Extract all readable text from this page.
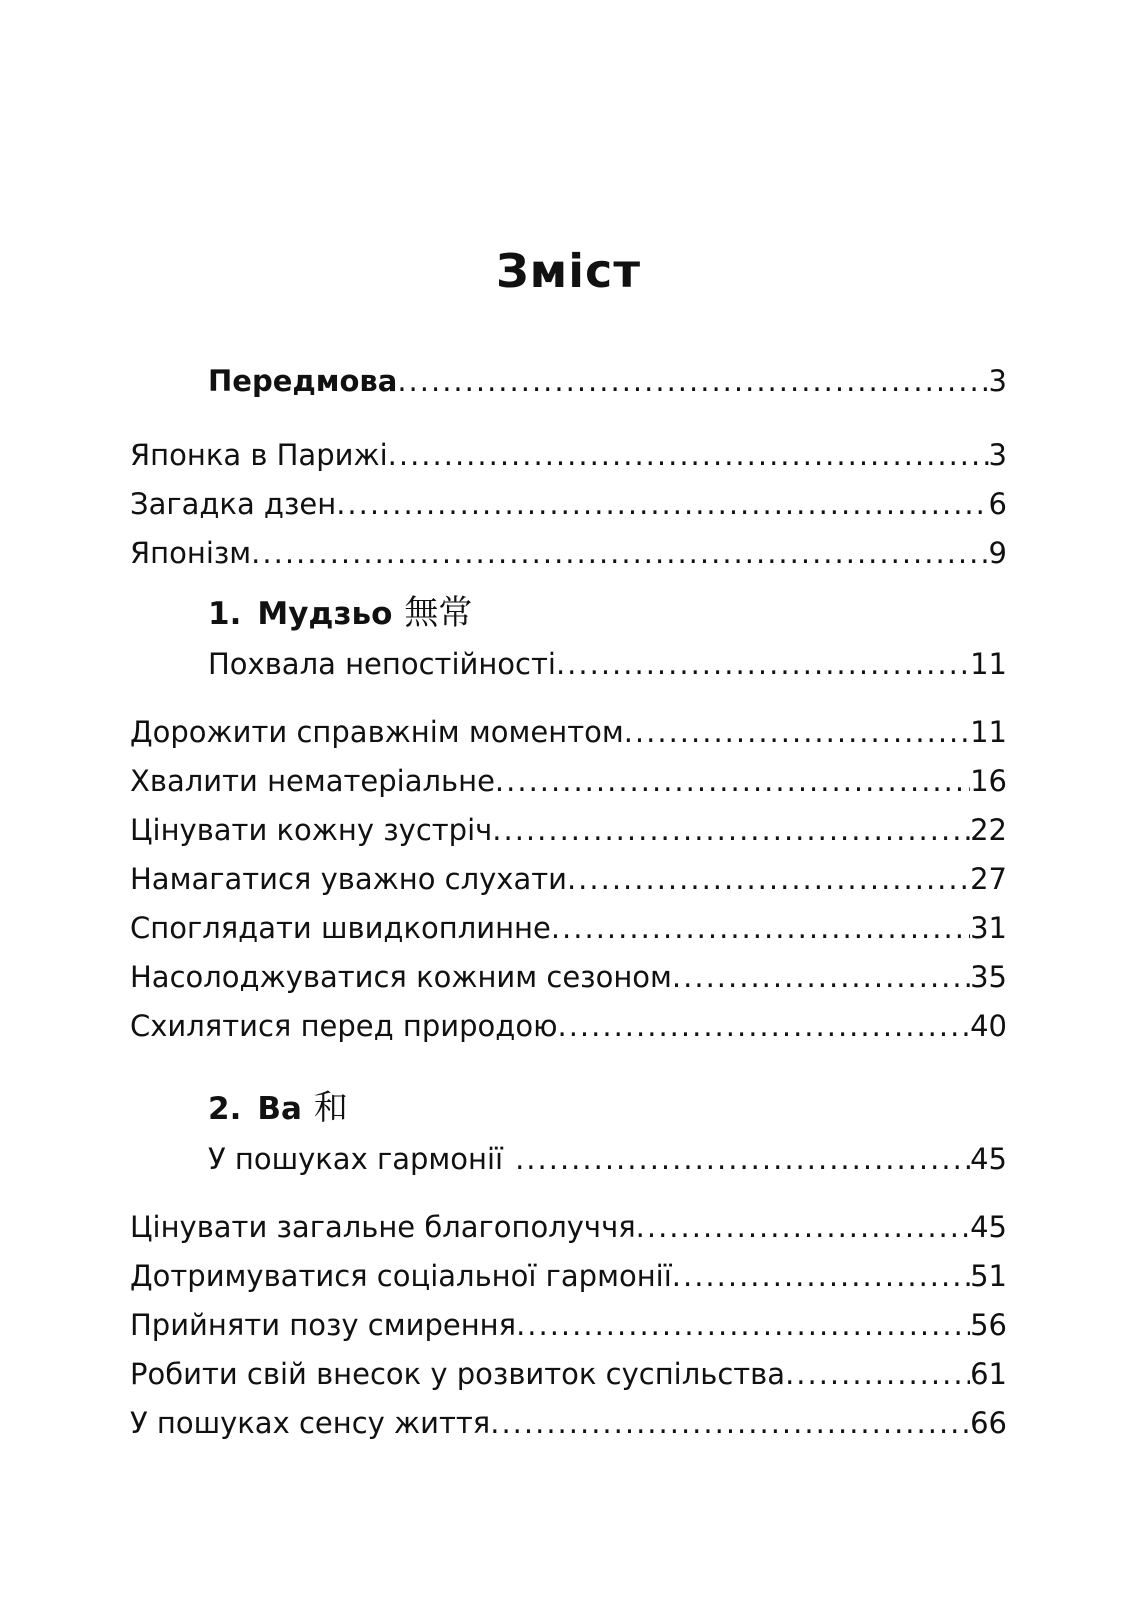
Зміст
Передмова .....	3
Японка в Парижі .....	3
Загадка дзен .....	6
Японізм .....	9
1. Мудзьо 無常
Похвала непостійності .....	11
Дорожити справжнім моментом .....	11
Хвалити нематеріальне .....	16
Цінувати кожну зустріч .....	22
Намагатися уважно слухати .....	27
Споглядати швидкоплинне .....	31
Насолоджуватися кожним сезоном .....	35
Схилятися перед природою .....	40
2. Ва 和
У пошуках гармонії .....	45
Цінувати загальне благополуччя .....	45
Дотримуватися соціальної гармонії .....	51
Прийняти позу смирення .....	56
Робити свій внесок у розвиток суспільства .....	61
У пошуках сенсу життя .....	66
